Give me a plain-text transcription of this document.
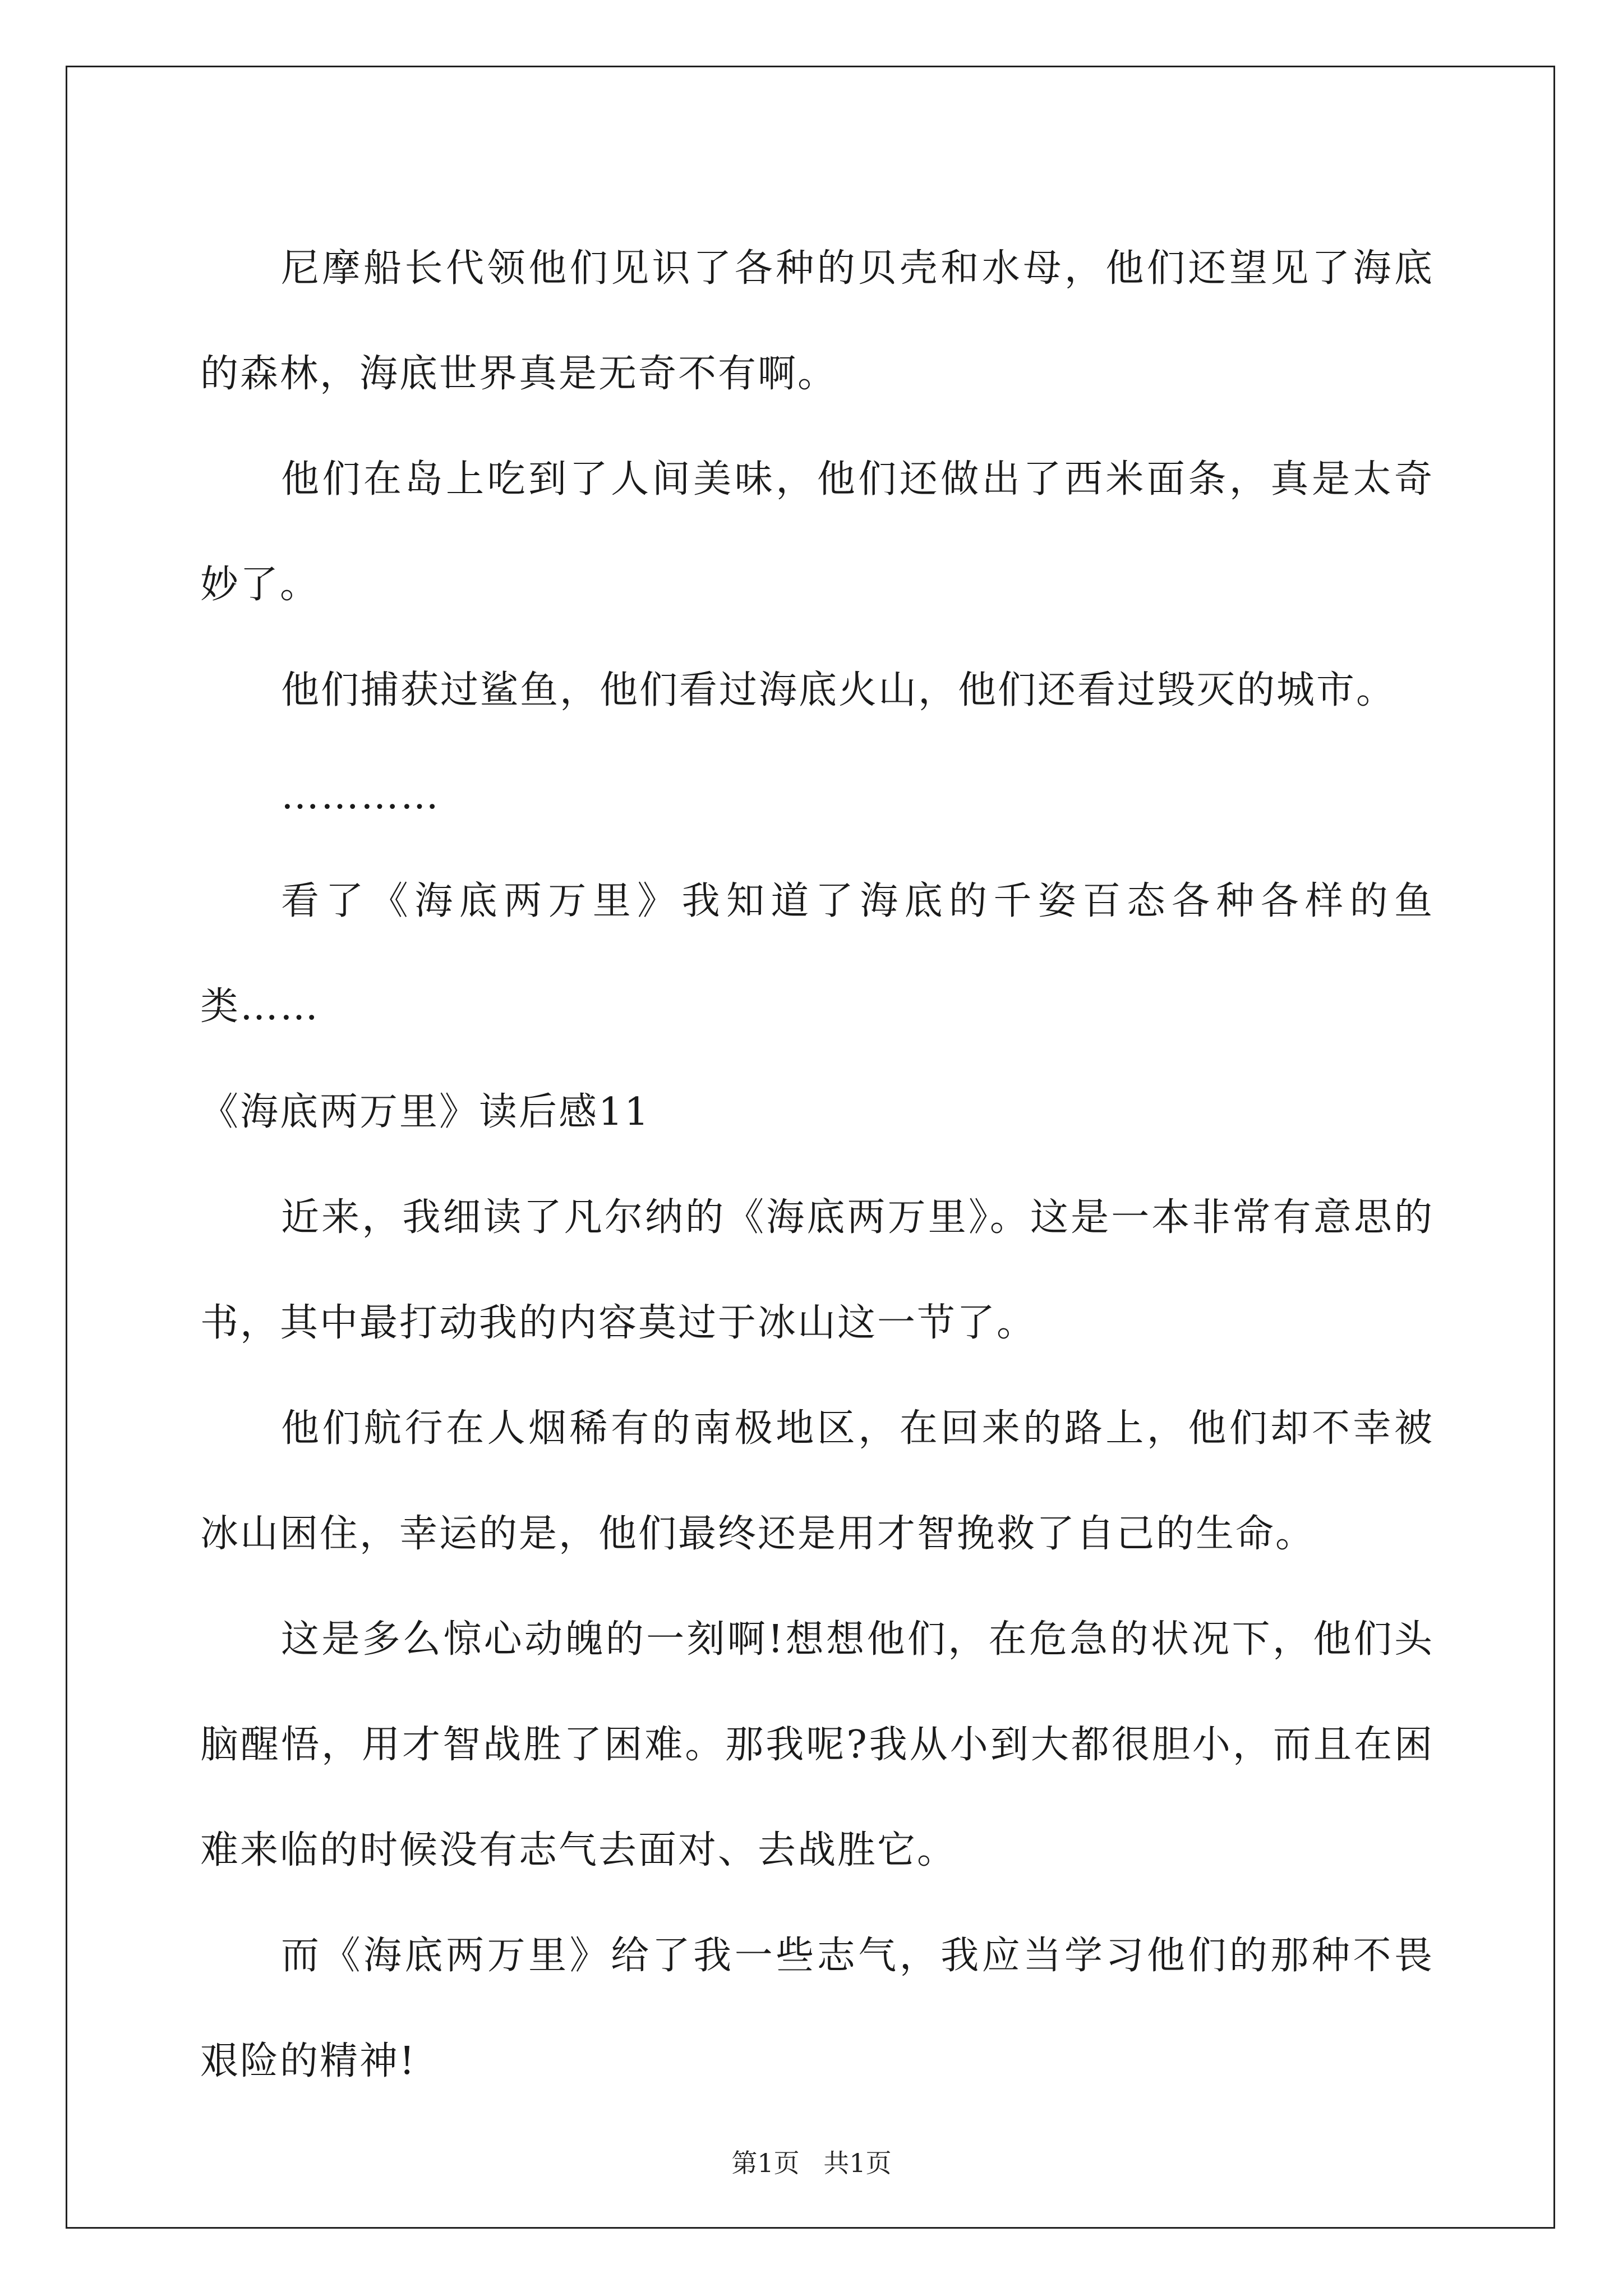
尼摩船长代领他们见识了各种的贝壳和水母，他们还望见了海底的森林，海底世界真是无奇不有啊。

他们在岛上吃到了人间美味，他们还做出了西米面条，真是太奇妙了。

他们捕获过鲨鱼，他们看过海底火山，他们还看过毁灭的城市。

…………

看了《海底两万里》我知道了海底的千姿百态各种各样的鱼类……

《海底两万里》读后感11

近来，我细读了凡尔纳的《海底两万里》。这是一本非常有意思的书，其中最打动我的内容莫过于冰山这一节了。

他们航行在人烟稀有的南极地区，在回来的路上，他们却不幸被冰山困住，幸运的是，他们最终还是用才智挽救了自己的生命。

这是多么惊心动魄的一刻啊!想想他们，在危急的状况下，他们头脑醒悟，用才智战胜了困难。那我呢?我从小到大都很胆小，而且在困难来临的时候没有志气去面对、去战胜它。

而《海底两万里》给了我一些志气，我应当学习他们的那种不畏艰险的精神!

第1页 共1页
